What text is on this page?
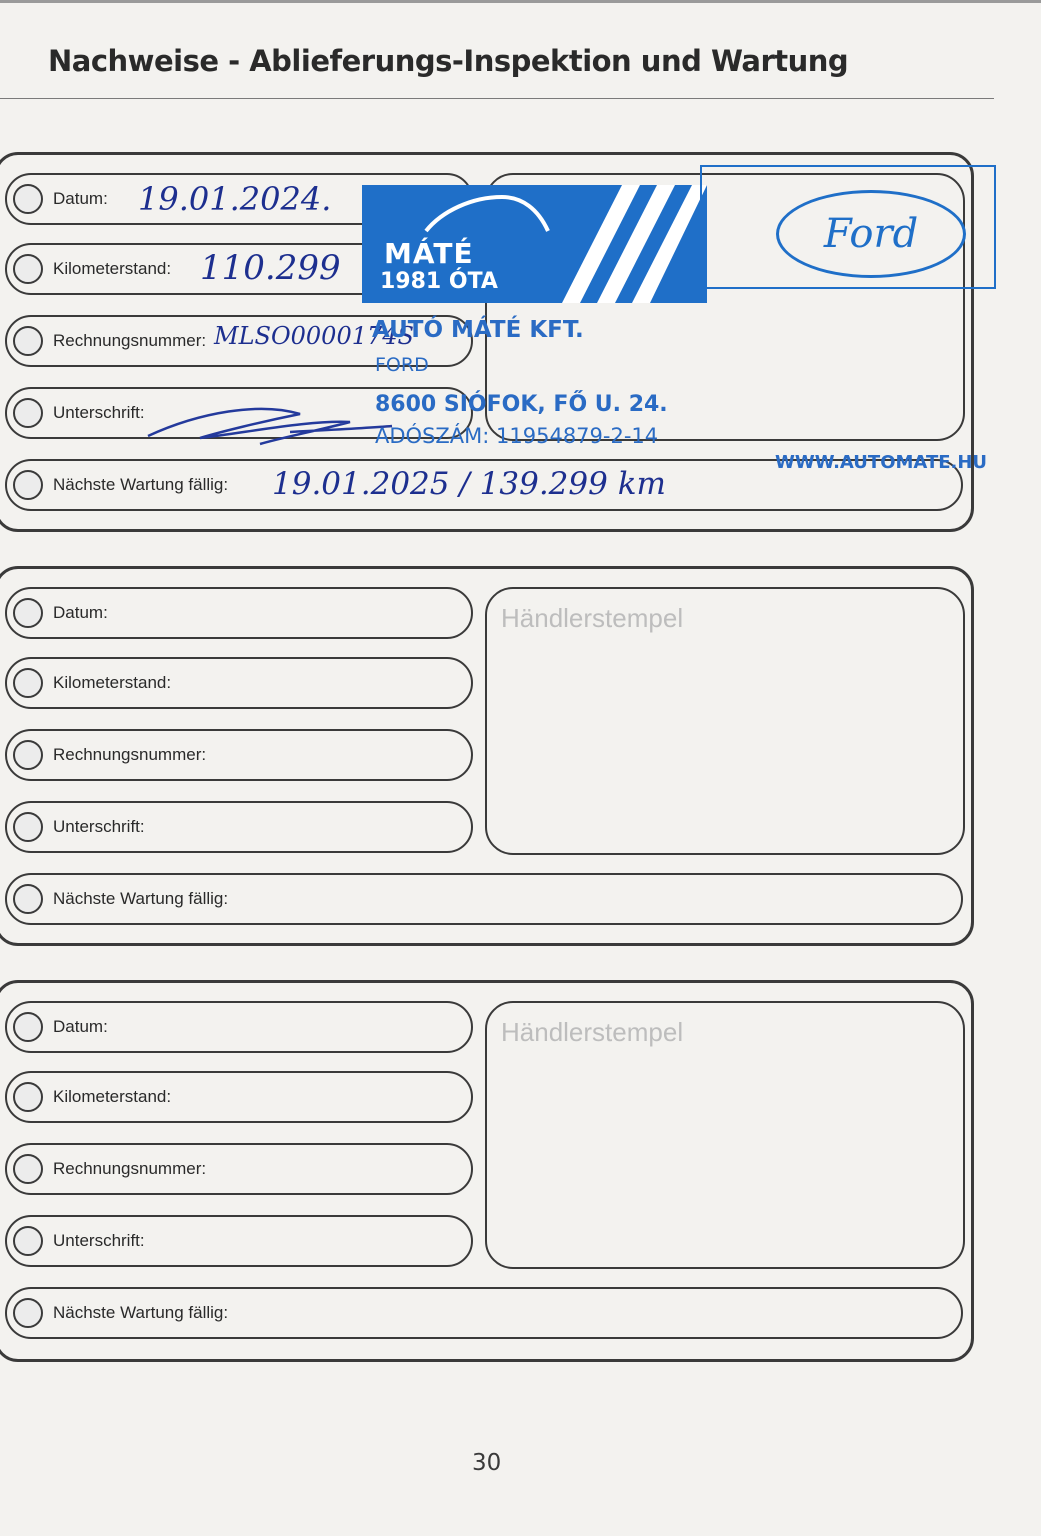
Nachweise - Ablieferungs-Inspektion und Wartung
Datum:
Kilometerstand:
Rechnungsnummer:
Unterschrift:
Nächste Wartung fällig:
19.01.2024.
110.299
MLSO0000174S
19.01.2025 / 139.299 km
MÁTÉ
1981 ÓTA
Ford
AUTÓ MÁTÉ KFT.
FORD
8600 SIÓFOK, FŐ U. 24.
ADÓSZÁM: 11954879-2-14
WWW.AUTOMATE.HU
Datum:
Kilometerstand:
Rechnungsnummer:
Unterschrift:
Nächste Wartung fällig:
Händlerstempel
Datum:
Kilometerstand:
Rechnungsnummer:
Unterschrift:
Nächste Wartung fällig:
Händlerstempel
30
